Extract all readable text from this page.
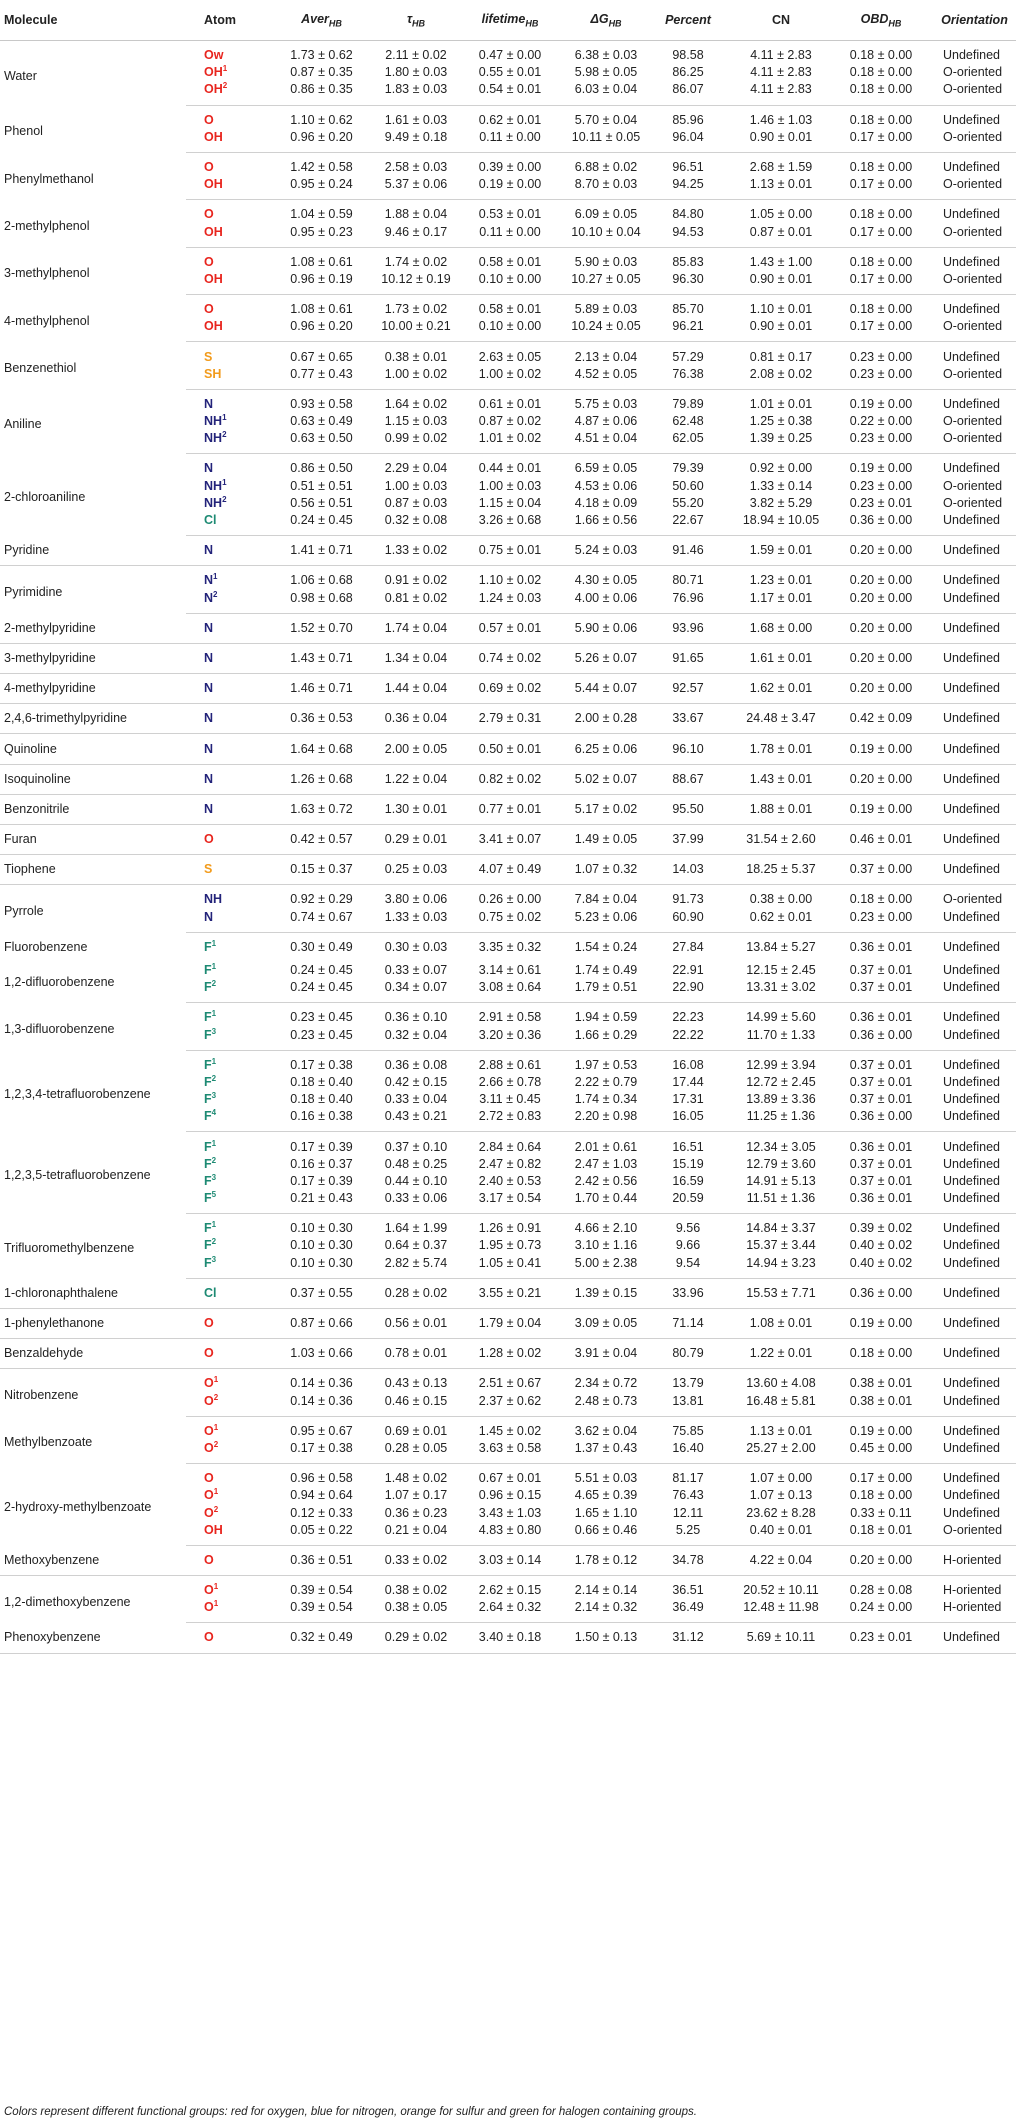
Molecule	Atom	Aver$_{HB}$	$\tau_{HB}$	lifetime$_{HB}$	$\Delta G_{HB}$	Percent	CN	$OBD_{HB}$	Orientation
Water	Ow	1.73 ± 0.62	2.11 ± 0.02	0.47 ± 0.00	6.38 ± 0.03	98.58	4.11 ± 2.83	0.18 ± 0.00	Undefined
	$OH^1$	0.87 ± 0.35	1.80 ± 0.03	0.55 ± 0.01	5.98 ± 0.05	86.25	4.11 ± 2.83	0.18 ± 0.00	O-oriented
	$OH^2$	0.86 ± 0.35	1.83 ± 0.03	0.54 ± 0.01	6.03 ± 0.04	86.07	4.11 ± 2.83	0.18 ± 0.00	O-oriented
Phenol	O	1.10 ± 0.62	1.61 ± 0.03	0.62 ± 0.01	5.70 ± 0.04	85.96	1.46 ± 1.03	0.18 ± 0.00	Undefined
	OH	0.96 ± 0.20	9.49 ± 0.18	0.11 ± 0.00	10.11 ± 0.05	96.04	0.90 ± 0.01	0.17 ± 0.00	O-oriented
Phenylmethanol	O	1.42 ± 0.58	2.58 ± 0.03	0.39 ± 0.00	6.88 ± 0.02	96.51	2.68 ± 1.59	0.18 ± 0.00	Undefined
	OH	0.95 ± 0.24	5.37 ± 0.06	0.19 ± 0.00	8.70 ± 0.03	94.25	1.13 ± 0.01	0.17 ± 0.00	O-oriented
2-methylphenol	O	1.04 ± 0.59	1.88 ± 0.04	0.53 ± 0.01	6.09 ± 0.05	84.80	1.05 ± 0.00	0.18 ± 0.00	Undefined
	OH	0.95 ± 0.23	9.46 ± 0.17	0.11 ± 0.00	10.10 ± 0.04	94.53	0.87 ± 0.01	0.17 ± 0.00	O-oriented
3-methylphenol	O	1.08 ± 0.61	1.74 ± 0.02	0.58 ± 0.01	5.90 ± 0.03	85.83	1.43 ± 1.00	0.18 ± 0.00	Undefined
	OH	0.96 ± 0.19	10.12 ± 0.19	0.10 ± 0.00	10.27 ± 0.05	96.30	0.90 ± 0.01	0.17 ± 0.00	O-oriented
4-methylphenol	O	1.08 ± 0.61	1.73 ± 0.02	0.58 ± 0.01	5.89 ± 0.03	85.70	1.10 ± 0.01	0.18 ± 0.00	Undefined
	OH	0.96 ± 0.20	10.00 ± 0.21	0.10 ± 0.00	10.24 ± 0.05	96.21	0.90 ± 0.01	0.17 ± 0.00	O-oriented
Benzenethiol	S	0.67 ± 0.65	0.38 ± 0.01	2.63 ± 0.05	2.13 ± 0.04	57.29	0.81 ± 0.17	0.23 ± 0.00	Undefined
	SH	0.77 ± 0.43	1.00 ± 0.02	1.00 ± 0.02	4.52 ± 0.05	76.38	2.08 ± 0.02	0.23 ± 0.00	O-oriented
Aniline	N	0.93 ± 0.58	1.64 ± 0.02	0.61 ± 0.01	5.75 ± 0.03	79.89	1.01 ± 0.01	0.19 ± 0.00	Undefined
	$NH^1$	0.63 ± 0.49	1.15 ± 0.03	0.87 ± 0.02	4.87 ± 0.06	62.48	1.25 ± 0.38	0.22 ± 0.00	O-oriented
	$NH^2$	0.63 ± 0.50	0.99 ± 0.02	1.01 ± 0.02	4.51 ± 0.04	62.05	1.39 ± 0.25	0.23 ± 0.00	O-oriented
2-chloroaniline	N	0.86 ± 0.50	2.29 ± 0.04	0.44 ± 0.01	6.59 ± 0.05	79.39	0.92 ± 0.00	0.19 ± 0.00	Undefined
	$NH^1$	0.51 ± 0.51	1.00 ± 0.03	1.00 ± 0.03	4.53 ± 0.06	50.60	1.33 ± 0.14	0.23 ± 0.00	O-oriented
	$NH^2$	0.56 ± 0.51	0.87 ± 0.03	1.15 ± 0.04	4.18 ± 0.09	55.20	3.82 ± 5.29	0.23 ± 0.01	O-oriented
	Cl	0.24 ± 0.45	0.32 ± 0.08	3.26 ± 0.68	1.66 ± 0.56	22.67	18.94 ± 10.05	0.36 ± 0.00	Undefined
Pyridine	N	1.41 ± 0.71	1.33 ± 0.02	0.75 ± 0.01	5.24 ± 0.03	91.46	1.59 ± 0.01	0.20 ± 0.00	Undefined
Pyrimidine	$N^1$	1.06 ± 0.68	0.91 ± 0.02	1.10 ± 0.02	4.30 ± 0.05	80.71	1.23 ± 0.01	0.20 ± 0.00	Undefined
	$N^2$	0.98 ± 0.68	0.81 ± 0.02	1.24 ± 0.03	4.00 ± 0.06	76.96	1.17 ± 0.01	0.20 ± 0.00	Undefined
2-methylpyridine	N	1.52 ± 0.70	1.74 ± 0.04	0.57 ± 0.01	5.90 ± 0.06	93.96	1.68 ± 0.00	0.20 ± 0.00	Undefined
3-methylpyridine	N	1.43 ± 0.71	1.34 ± 0.04	0.74 ± 0.02	5.26 ± 0.07	91.65	1.61 ± 0.01	0.20 ± 0.00	Undefined
4-methylpyridine	N	1.46 ± 0.71	1.44 ± 0.04	0.69 ± 0.02	5.44 ± 0.07	92.57	1.62 ± 0.01	0.20 ± 0.00	Undefined
2,4,6-trimethylpyridine	N	0.36 ± 0.53	0.36 ± 0.04	2.79 ± 0.31	2.00 ± 0.28	33.67	24.48 ± 3.47	0.42 ± 0.09	Undefined
Quinoline	N	1.64 ± 0.68	2.00 ± 0.05	0.50 ± 0.01	6.25 ± 0.06	96.10	1.78 ± 0.01	0.19 ± 0.00	Undefined
Isoquinoline	N	1.26 ± 0.68	1.22 ± 0.04	0.82 ± 0.02	5.02 ± 0.07	88.67	1.43 ± 0.01	0.20 ± 0.00	Undefined
Benzonitrile	N	1.63 ± 0.72	1.30 ± 0.01	0.77 ± 0.01	5.17 ± 0.02	95.50	1.88 ± 0.01	0.19 ± 0.00	Undefined
Furan	O	0.42 ± 0.57	0.29 ± 0.01	3.41 ± 0.07	1.49 ± 0.05	37.99	31.54 ± 2.60	0.46 ± 0.01	Undefined
Tiophene	S	0.15 ± 0.37	0.25 ± 0.03	4.07 ± 0.49	1.07 ± 0.32	14.03	18.25 ± 5.37	0.37 ± 0.00	Undefined
Pyrrole	NH	0.92 ± 0.29	3.80 ± 0.06	0.26 ± 0.00	7.84 ± 0.04	91.73	0.38 ± 0.00	0.18 ± 0.00	O-oriented
	N	0.74 ± 0.67	1.33 ± 0.03	0.75 ± 0.02	5.23 ± 0.06	60.90	0.62 ± 0.01	0.23 ± 0.00	Undefined
Fluorobenzene	$F^1$	0.30 ± 0.49	0.30 ± 0.03	3.35 ± 0.32	1.54 ± 0.24	27.84	13.84 ± 5.27	0.36 ± 0.01	Undefined
1,2-difluorobenzene	$F^1$	0.24 ± 0.45	0.33 ± 0.07	3.14 ± 0.61	1.74 ± 0.49	22.91	12.15 ± 2.45	0.37 ± 0.01	Undefined
	$F^2$	0.24 ± 0.45	0.34 ± 0.07	3.08 ± 0.64	1.79 ± 0.51	22.90	13.31 ± 3.02	0.37 ± 0.01	Undefined
1,3-difluorobenzene	$F^1$	0.23 ± 0.45	0.36 ± 0.10	2.91 ± 0.58	1.94 ± 0.59	22.23	14.99 ± 5.60	0.36 ± 0.01	Undefined
	$F^3$	0.23 ± 0.45	0.32 ± 0.04	3.20 ± 0.36	1.66 ± 0.29	22.22	11.70 ± 1.33	0.36 ± 0.00	Undefined
1,2,3,4-tetrafluorobenzene	$F^1$	0.17 ± 0.38	0.36 ± 0.08	2.88 ± 0.61	1.97 ± 0.53	16.08	12.99 ± 3.94	0.37 ± 0.01	Undefined
	$F^2$	0.18 ± 0.40	0.42 ± 0.15	2.66 ± 0.78	2.22 ± 0.79	17.44	12.72 ± 2.45	0.37 ± 0.01	Undefined
	$F^3$	0.18 ± 0.40	0.33 ± 0.04	3.11 ± 0.45	1.74 ± 0.34	17.31	13.89 ± 3.36	0.37 ± 0.01	Undefined
	$F^4$	0.16 ± 0.38	0.43 ± 0.21	2.72 ± 0.83	2.20 ± 0.98	16.05	11.25 ± 1.36	0.36 ± 0.00	Undefined
1,2,3,5-tetrafluorobenzene	$F^1$	0.17 ± 0.39	0.37 ± 0.10	2.84 ± 0.64	2.01 ± 0.61	16.51	12.34 ± 3.05	0.36 ± 0.01	Undefined
	$F^2$	0.16 ± 0.37	0.48 ± 0.25	2.47 ± 0.82	2.47 ± 1.03	15.19	12.79 ± 3.60	0.37 ± 0.01	Undefined
	$F^3$	0.17 ± 0.39	0.44 ± 0.10	2.40 ± 0.53	2.42 ± 0.56	16.59	14.91 ± 5.13	0.37 ± 0.01	Undefined
	$F^5$	0.21 ± 0.43	0.33 ± 0.06	3.17 ± 0.54	1.70 ± 0.44	20.59	11.51 ± 1.36	0.36 ± 0.01	Undefined
Trifluoromethylbenzene	$F^1$	0.10 ± 0.30	1.64 ± 1.99	1.26 ± 0.91	4.66 ± 2.10	9.56	14.84 ± 3.37	0.39 ± 0.02	Undefined
	$F^2$	0.10 ± 0.30	0.64 ± 0.37	1.95 ± 0.73	3.10 ± 1.16	9.66	15.37 ± 3.44	0.40 ± 0.02	Undefined
	$F^3$	0.10 ± 0.30	2.82 ± 5.74	1.05 ± 0.41	5.00 ± 2.38	9.54	14.94 ± 3.23	0.40 ± 0.02	Undefined
1-chloronaphthalene	Cl	0.37 ± 0.55	0.28 ± 0.02	3.55 ± 0.21	1.39 ± 0.15	33.96	15.53 ± 7.71	0.36 ± 0.00	Undefined
1-phenylethanone	O	0.87 ± 0.66	0.56 ± 0.01	1.79 ± 0.04	3.09 ± 0.05	71.14	1.08 ± 0.01	0.19 ± 0.00	Undefined
Benzaldehyde	O	1.03 ± 0.66	0.78 ± 0.01	1.28 ± 0.02	3.91 ± 0.04	80.79	1.22 ± 0.01	0.18 ± 0.00	Undefined
Nitrobenzene	$O^1$	0.14 ± 0.36	0.43 ± 0.13	2.51 ± 0.67	2.34 ± 0.72	13.79	13.60 ± 4.08	0.38 ± 0.01	Undefined
	$O^2$	0.14 ± 0.36	0.46 ± 0.15	2.37 ± 0.62	2.48 ± 0.73	13.81	16.48 ± 5.81	0.38 ± 0.01	Undefined
Methylbenzoate	$O^1$	0.95 ± 0.67	0.69 ± 0.01	1.45 ± 0.02	3.62 ± 0.04	75.85	1.13 ± 0.01	0.19 ± 0.00	Undefined
	$O^2$	0.17 ± 0.38	0.28 ± 0.05	3.63 ± 0.58	1.37 ± 0.43	16.40	25.27 ± 2.00	0.45 ± 0.00	Undefined
2-hydroxy-methylbenzoate	O	0.96 ± 0.58	1.48 ± 0.02	0.67 ± 0.01	5.51 ± 0.03	81.17	1.07 ± 0.00	0.17 ± 0.00	Undefined
	$O^1$	0.94 ± 0.64	1.07 ± 0.17	0.96 ± 0.15	4.65 ± 0.39	76.43	1.07 ± 0.13	0.18 ± 0.00	Undefined
	$O^2$	0.12 ± 0.33	0.36 ± 0.23	3.43 ± 1.03	1.65 ± 1.10	12.11	23.62 ± 8.28	0.33 ± 0.11	Undefined
	OH	0.05 ± 0.22	0.21 ± 0.04	4.83 ± 0.80	0.66 ± 0.46	5.25	0.40 ± 0.01	0.18 ± 0.01	O-oriented
Methoxybenzene	O	0.36 ± 0.51	0.33 ± 0.02	3.03 ± 0.14	1.78 ± 0.12	34.78	4.22 ± 0.04	0.20 ± 0.00	H-oriented
1,2-dimethoxybenzene	$O^1$	0.39 ± 0.54	0.38 ± 0.02	2.62 ± 0.15	2.14 ± 0.14	36.51	20.52 ± 10.11	0.28 ± 0.08	H-oriented
	$O^1$	0.39 ± 0.54	0.38 ± 0.05	2.64 ± 0.32	2.14 ± 0.32	36.49	12.48 ± 11.98	0.24 ± 0.00	H-oriented
Phenoxybenzene	O	0.32 ± 0.49	0.29 ± 0.02	3.40 ± 0.18	1.50 ± 0.13	31.12	5.69 ± 10.11	0.23 ± 0.01	Undefined
Colors represent different functional groups: red for oxygen, blue for nitrogen, orange for sulfur and green for halogen containing groups.
